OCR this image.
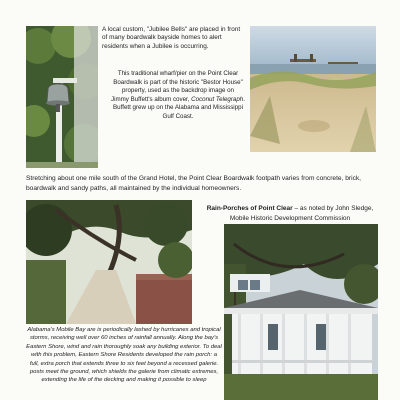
A local custom, "Jubilee Bells" are placed in front of many boardwalk bayside homes to alert residents when a Jubilee is occurring.

This traditional wharf/pier on the Point Clear Boardwalk is part of the historic "Bestor House" property, used as the backdrop image on
Jimmy Buffett's album cover, Coconut Telegraph. Buffett grew up on the Alabama and Mississippi Gulf Coast.

Stretching about one mile south of the Grand Hotel, the Point Clear Boardwalk footpath varies from concrete, brick, boardwalk and sandy paths, all maintained by the individual homeowners.

Rain-Porches of Point Clear – as noted by John Sledge, Mobile Historic Development Commission

Alabama's Mobile Bay are is periodically lashed by hurricanes and tropical storms, receiving well over 60 inches of rainfall annually. Along the bay's Eastern Shore, wind and rain thoroughly soak any building exterior. To deal with this problem, Eastern Shore Residents developed the rain porch: a full, extra porch that extends three to six feet beyond a recessed galerie. posts meet the ground, which shields the galerie from climatic extremes, extending the life of the decking and making it possible to sleep
